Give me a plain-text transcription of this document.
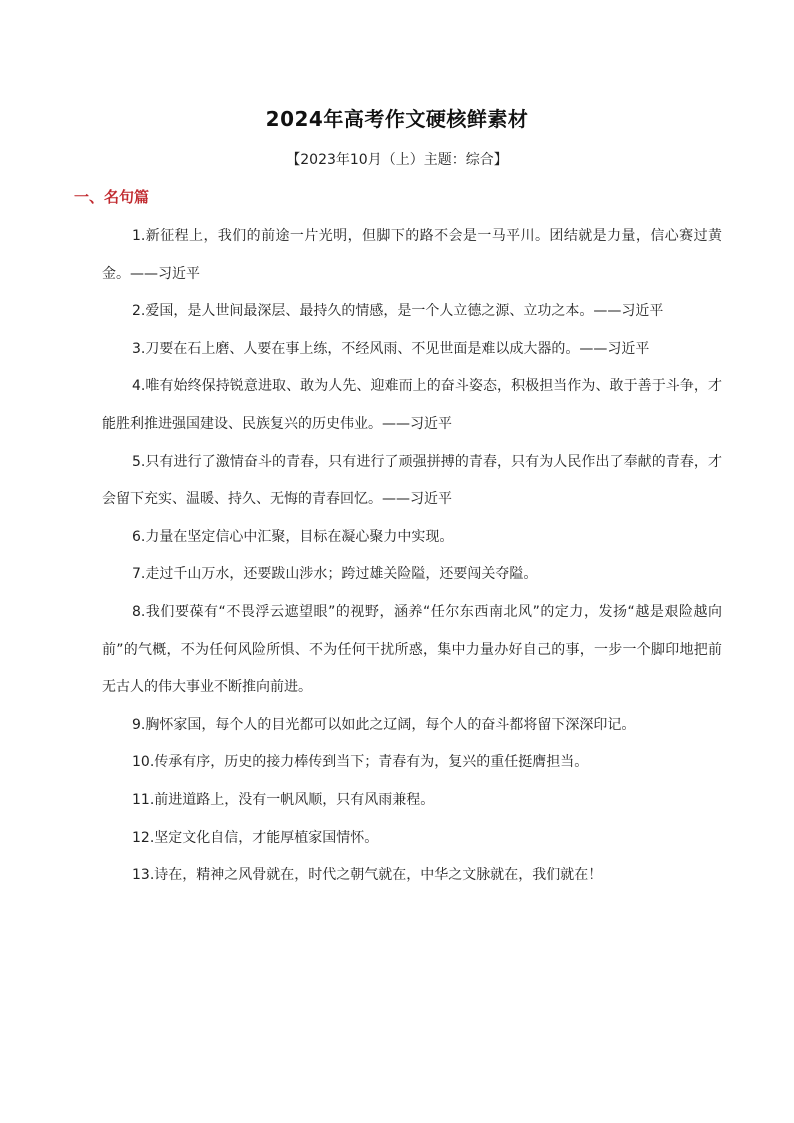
2024年高考作文硬核鲜素材
【2023年10月（上）主题：综合】
一、名句篇

1.新征程上，我们的前途一片光明，但脚下的路不会是一马平川。团结就是力量，信心赛过黄金。——习近平

2.爱国，是人世间最深层、最持久的情感，是一个人立德之源、立功之本。——习近平

3.刀要在石上磨、人要在事上练，不经风雨、不见世面是难以成大器的。——习近平

4.唯有始终保持锐意进取、敢为人先、迎难而上的奋斗姿态，积极担当作为、敢于善于斗争，才能胜利推进强国建设、民族复兴的历史伟业。——习近平

5.只有进行了激情奋斗的青春，只有进行了顽强拼搏的青春，只有为人民作出了奉献的青春，才会留下充实、温暖、持久、无悔的青春回忆。——习近平

6.力量在坚定信心中汇聚，目标在凝心聚力中实现。

7.走过千山万水，还要跋山涉水；跨过雄关险隘，还要闯关夺隘。

8.我们要葆有“不畏浮云遮望眼”的视野，涵养“任尔东西南北风”的定力，发扬“越是艰险越向前”的气概，不为任何风险所惧、不为任何干扰所惑，集中力量办好自己的事，一步一个脚印地把前无古人的伟大事业不断推向前进。

9.胸怀家国，每个人的目光都可以如此之辽阔，每个人的奋斗都将留下深深印记。

10.传承有序，历史的接力棒传到当下；青春有为，复兴的重任挺膺担当。

11.前进道路上，没有一帆风顺，只有风雨兼程。

12.坚定文化自信，才能厚植家国情怀。

13.诗在，精神之风骨就在，时代之朝气就在，中华之文脉就在，我们就在！
